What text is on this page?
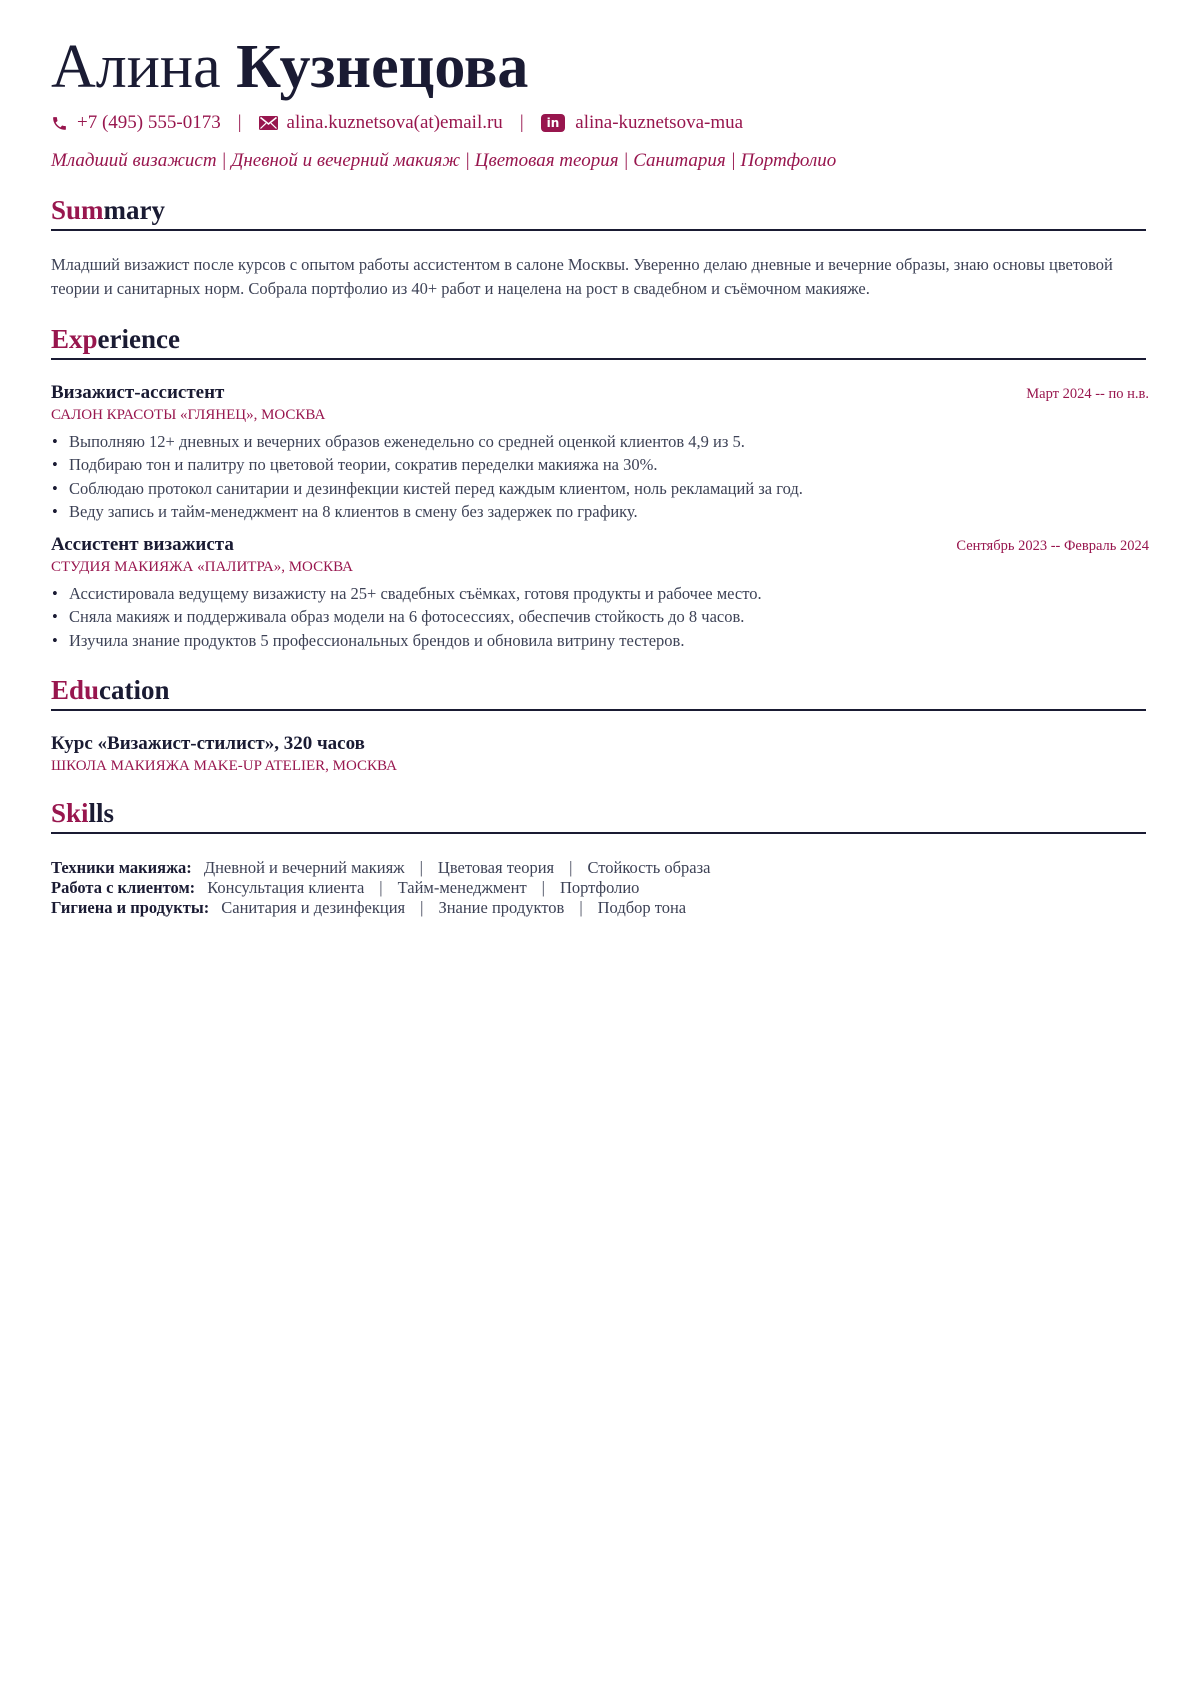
Алина Кузнецова
+7 (495) 555-0173 | alina.kuznetsova(at)email.ru |	in alina-kuznetsova-mua
Младший визажист | Дневной и вечерний макияж | Цветовая теория | Санитария | Портфолио
Summary
Младший визажист после курсов с опытом работы ассистентом в салоне Москвы. Уверенно делаю дневные и вечерние образы, знаю основы цветовой теории и санитарных норм. Собрала портфолио из 40+ работ и нацелена на рост в свадебном и съёмочном макияже.
Experience
Визажист-ассистент	Март 2024 -- по н.в.
САЛОН КРАСОТЫ «ГЛЯНЕЦ», МОСКВА
• Выполняю 12+ дневных и вечерних образов еженедельно со средней оценкой клиентов 4,9 из 5.
• Подбираю тон и палитру по цветовой теории, сократив переделки макияжа на 30%.
• Соблюдаю протокол санитарии и дезинфекции кистей перед каждым клиентом, ноль рекламаций за год.
• Веду запись и тайм-менеджмент на 8 клиентов в смену без задержек по графику.
Ассистент визажиста	Сентябрь 2023 -- Февраль 2024
СТУДИЯ МАКИЯЖА «ПАЛИТРА», МОСКВА
• Ассистировала ведущему визажисту на 25+ свадебных съёмках, готовя продукты и рабочее место.
• Сняла макияж и поддерживала образ модели на 6 фотосессиях, обеспечив стойкость до 8 часов.
• Изучила знание продуктов 5 профессиональных брендов и обновила витрину тестеров.
Education
Курс «Визажист-стилист», 320 часов
ШКОЛА МАКИЯЖА MAKE-UP ATELIER, МОСКВА
Skills
Техники макияжа: Дневной и вечерний макияж | Цветовая теория | Стойкость образа
Работа с клиентом: Консультация клиента | Тайм-менеджмент | Портфолио
Гигиена и продукты: Санитария и дезинфекция | Знание продуктов | Подбор тона
